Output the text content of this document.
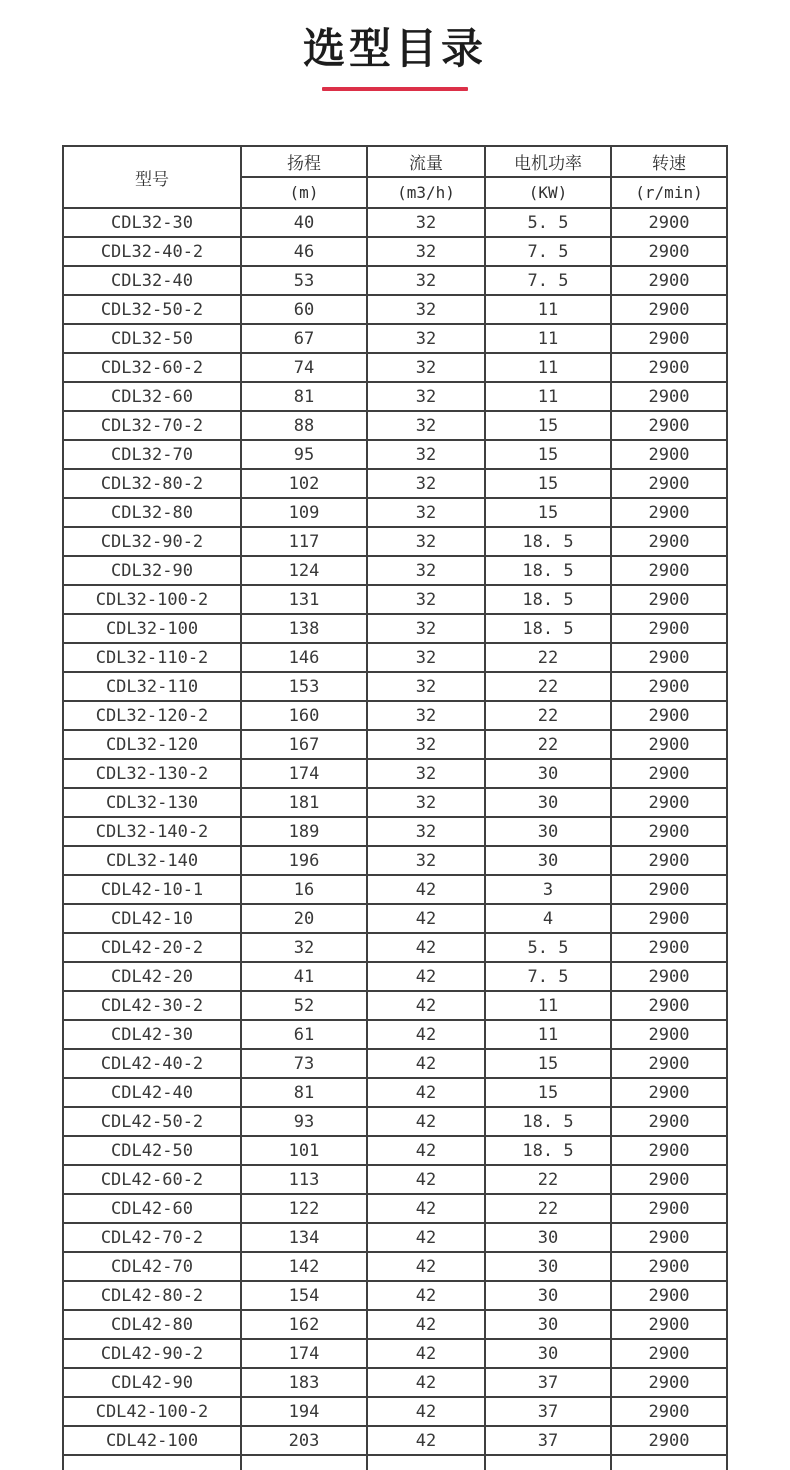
选型目录
型号	扬程	流量	电机功率	转速
	(m)	(m3/h)	(KW)	(r/min)
CDL32-30	40	32	5. 5	2900
CDL32-40-2	46	32	7. 5	2900
CDL32-40	53	32	7. 5	2900
CDL32-50-2	60	32	11	2900
CDL32-50	67	32	11	2900
CDL32-60-2	74	32	11	2900
CDL32-60	81	32	11	2900
CDL32-70-2	88	32	15	2900
CDL32-70	95	32	15	2900
CDL32-80-2	102	32	15	2900
CDL32-80	109	32	15	2900
CDL32-90-2	117	32	18. 5	2900
CDL32-90	124	32	18. 5	2900
CDL32-100-2	131	32	18. 5	2900
CDL32-100	138	32	18. 5	2900
CDL32-110-2	146	32	22	2900
CDL32-110	153	32	22	2900
CDL32-120-2	160	32	22	2900
CDL32-120	167	32	22	2900
CDL32-130-2	174	32	30	2900
CDL32-130	181	32	30	2900
CDL32-140-2	189	32	30	2900
CDL32-140	196	32	30	2900
CDL42-10-1	16	42	3	2900
CDL42-10	20	42	4	2900
CDL42-20-2	32	42	5. 5	2900
CDL42-20	41	42	7. 5	2900
CDL42-30-2	52	42	11	2900
CDL42-30	61	42	11	2900
CDL42-40-2	73	42	15	2900
CDL42-40	81	42	15	2900
CDL42-50-2	93	42	18. 5	2900
CDL42-50	101	42	18. 5	2900
CDL42-60-2	113	42	22	2900
CDL42-60	122	42	22	2900
CDL42-70-2	134	42	30	2900
CDL42-70	142	42	30	2900
CDL42-80-2	154	42	30	2900
CDL42-80	162	42	30	2900
CDL42-90-2	174	42	30	2900
CDL42-90	183	42	37	2900
CDL42-100-2	194	42	37	2900
CDL42-100	203	42	37	2900
